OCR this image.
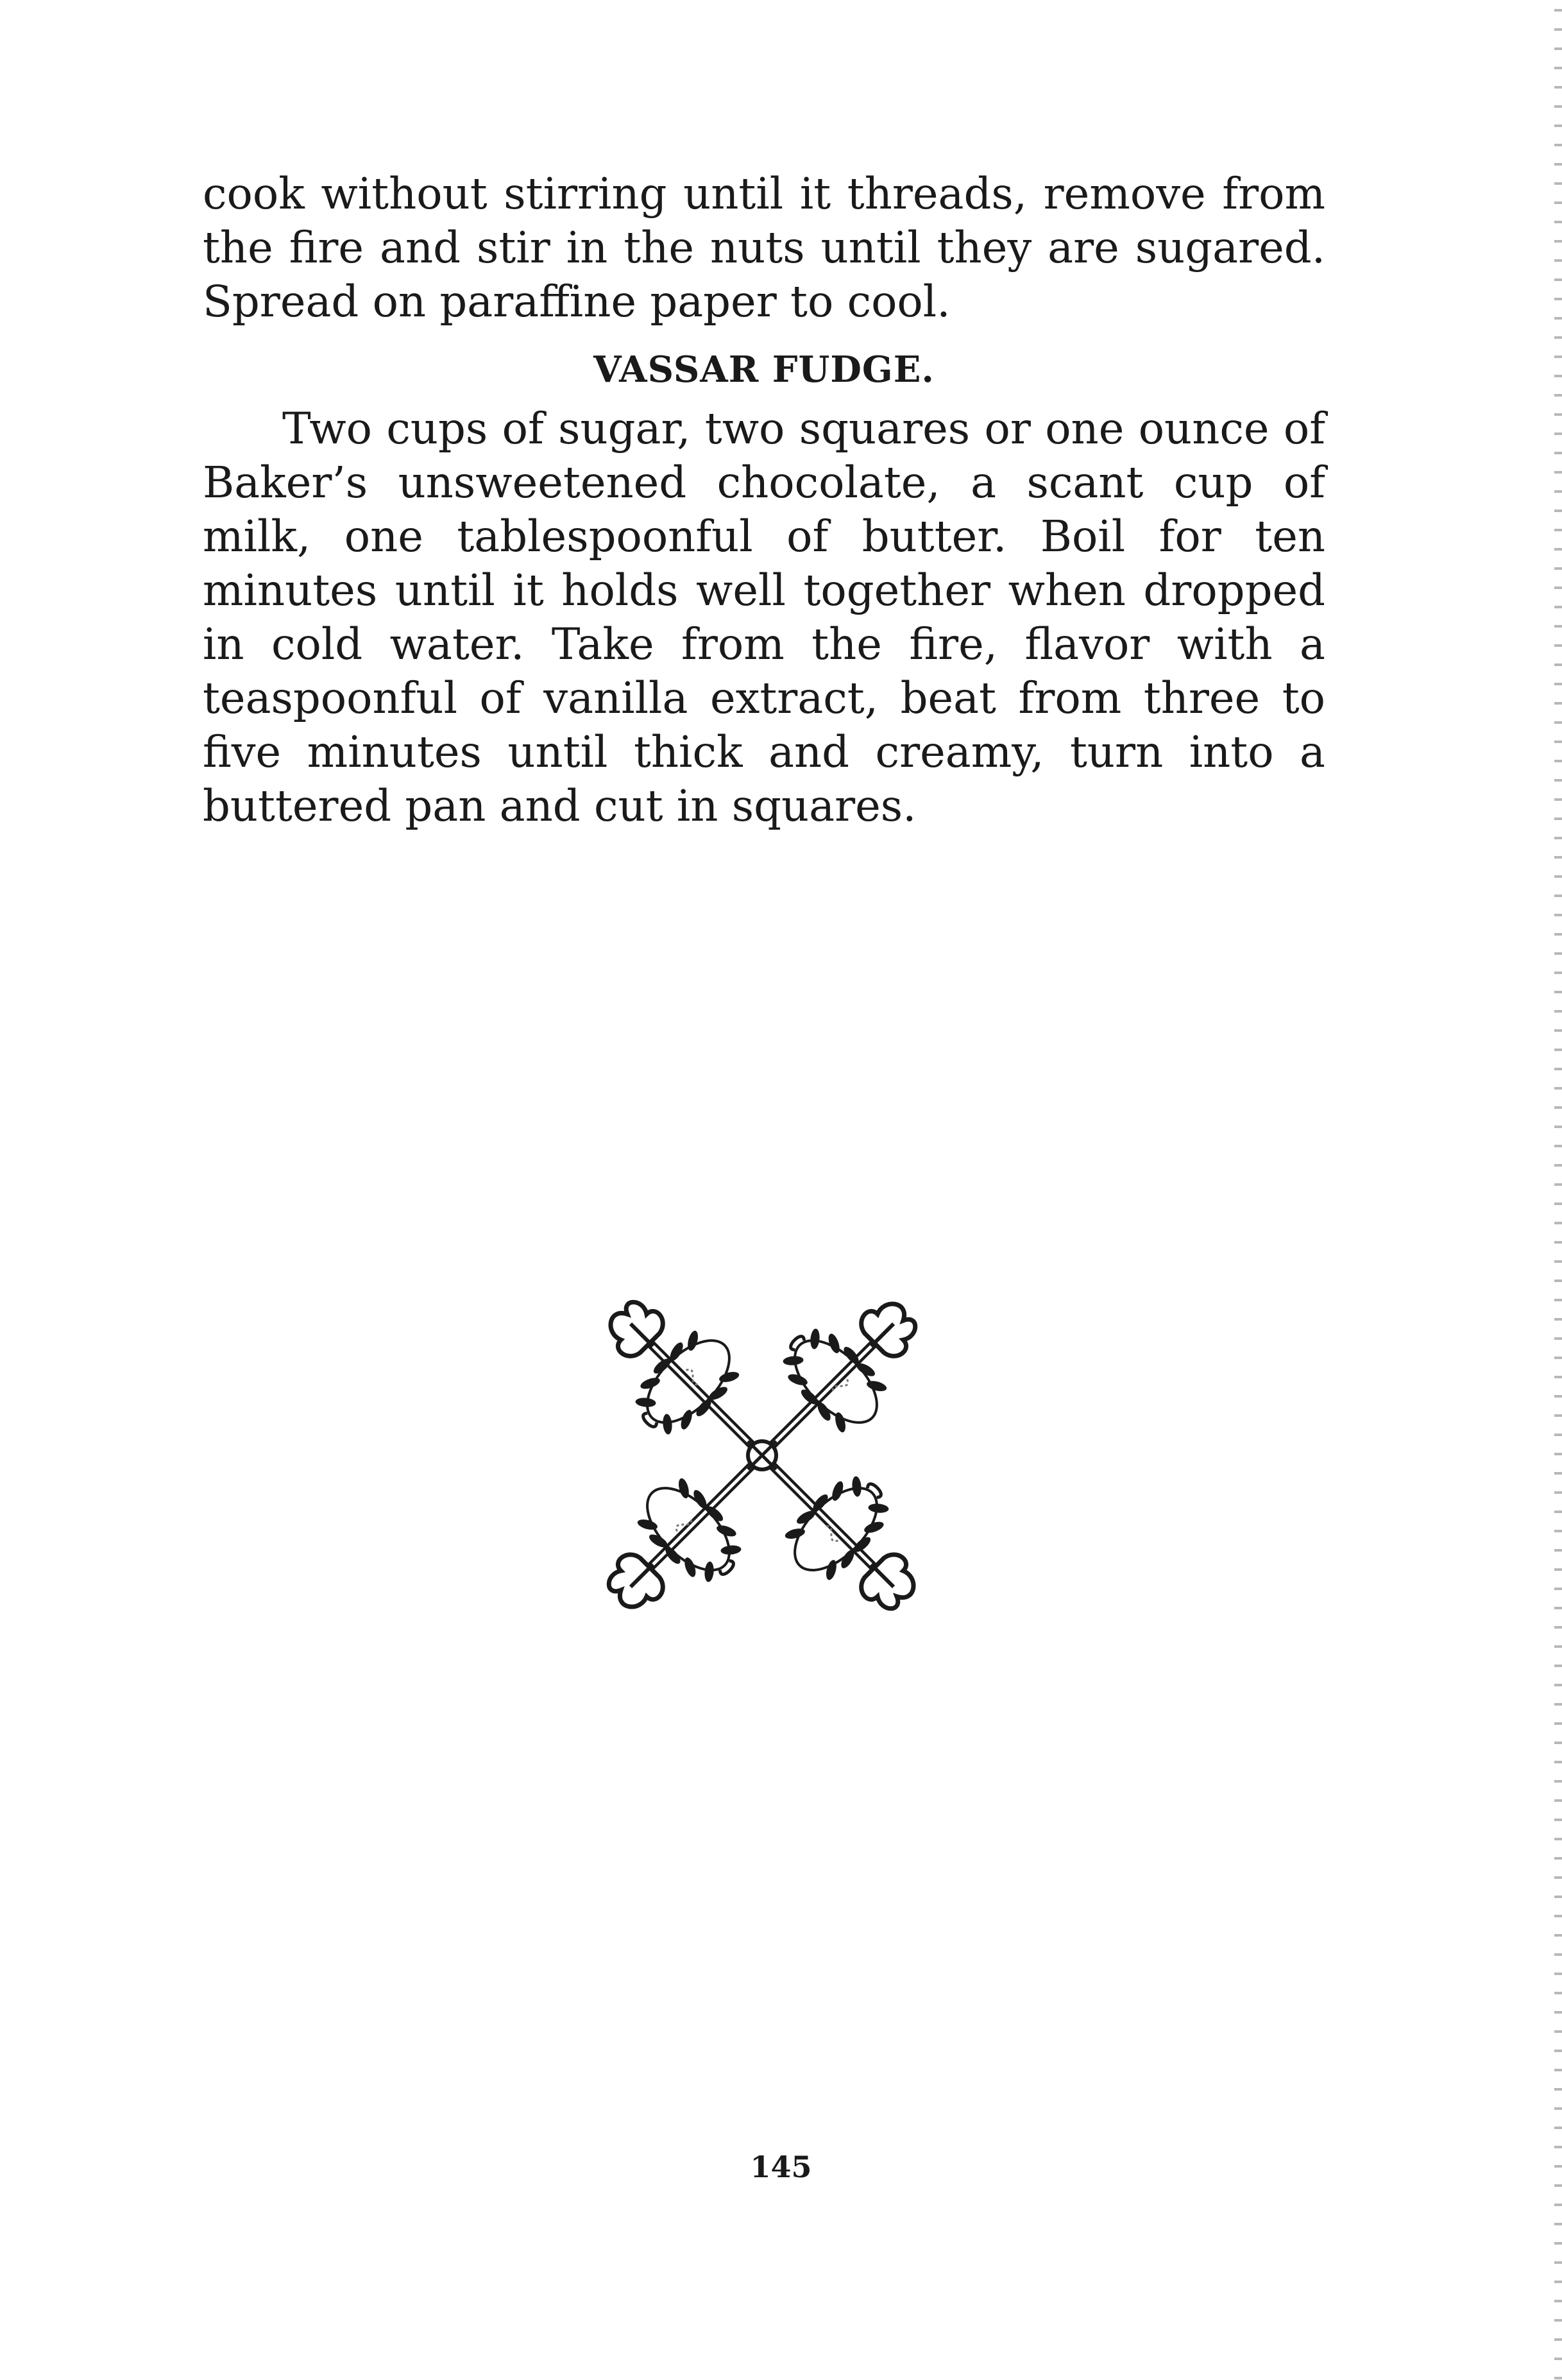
cook without stirring until it threads, remove from the fire and stir in the nuts until they are sugared. Spread on paraffine paper to cool.

VASSAR FUDGE.

Two cups of sugar, two squares or one ounce of Baker’s unsweetened chocolate, a scant cup of milk, one tablespoonful of butter. Boil for ten minutes until it holds well together when dropped in cold water. Take from the fire, flavor with a teaspoonful of vanilla extract, beat from three to five minutes until thick and creamy, turn into a buttered pan and cut in squares.

145
